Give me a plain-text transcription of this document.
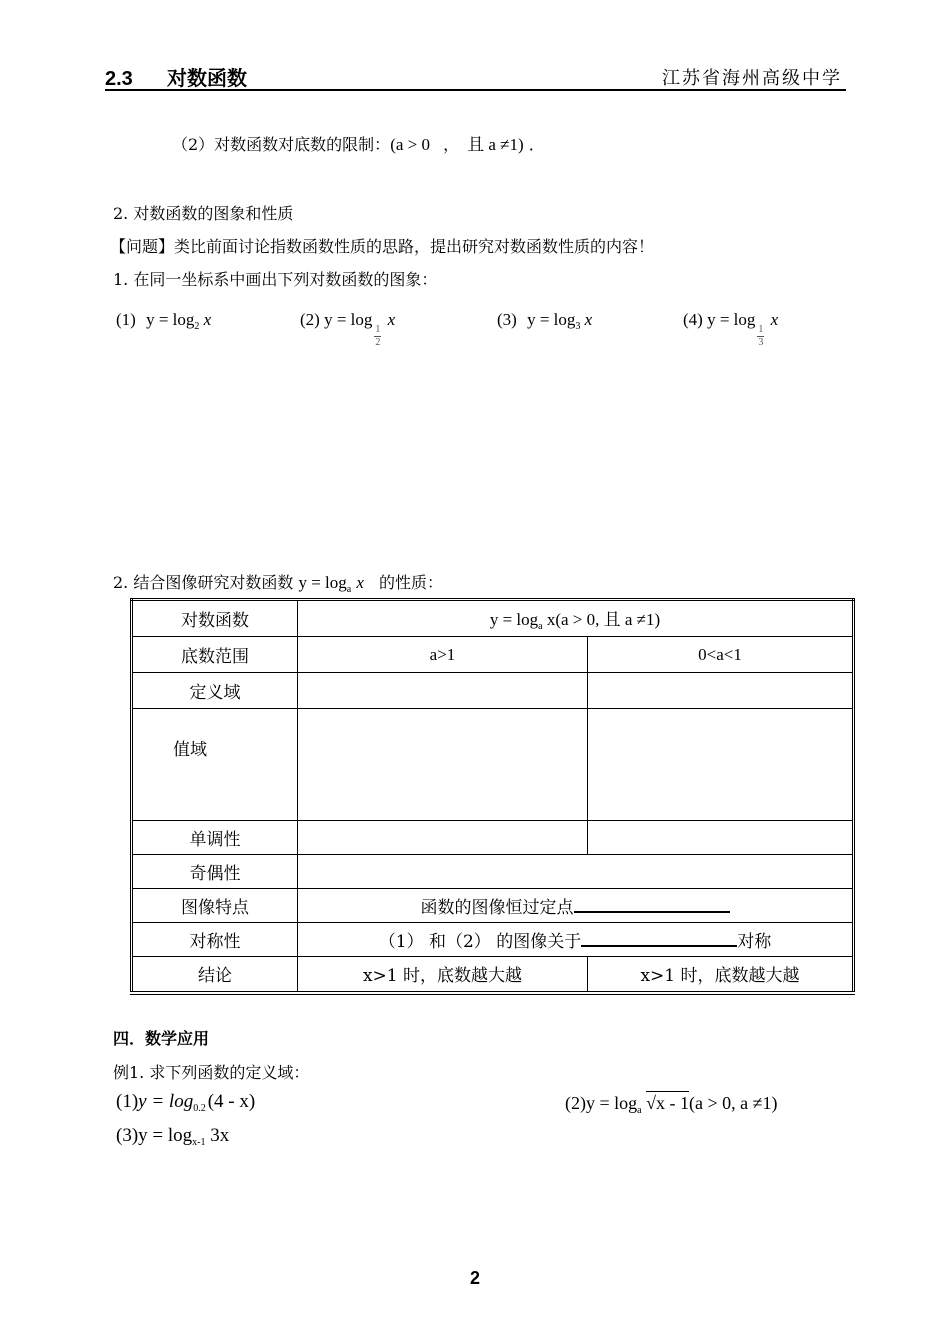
2.3 对数函数	江苏省海州高级中学
（2）对数函数对底数的限制：(a > 0 ， 且 a ≠1) ．
2. 对数函数的图象和性质
【问题】类比前面讨论指数函数性质的思路，提出研究对数函数性质的内容！
1. 在同一坐标系中画出下列对数函数的图象：
(1) $y = \log_2 x$	(2) y = log
$\frac{1}{2}$
x	(3) $y = \log_3 x$	(4) y = log
$\frac{1}{3}$
x
2. 结合图像研究对数函数 $y = \log_a x$ 的性质：
对数函数	$y = \log_a x(a > 0$, 且 a ≠1)	
底数范围	a>1	0<a<1
定义域		
值域		
单调性		
奇偶性		
图像特点	函数的图像恒过定点	
对称性	（1） 和（2） 的图像关于 对称	
结论	x>1 时，底数越大越	x>1 时，底数越大越
四．数学应用
例1. 求下列函数的定义域：
$(1)y = \log_{0.2} (4 - x)$	$(2)y = \log_a √x - 1(a > 0$, a ≠1)
$(3)y = \log_{x-1} 3x$
2
